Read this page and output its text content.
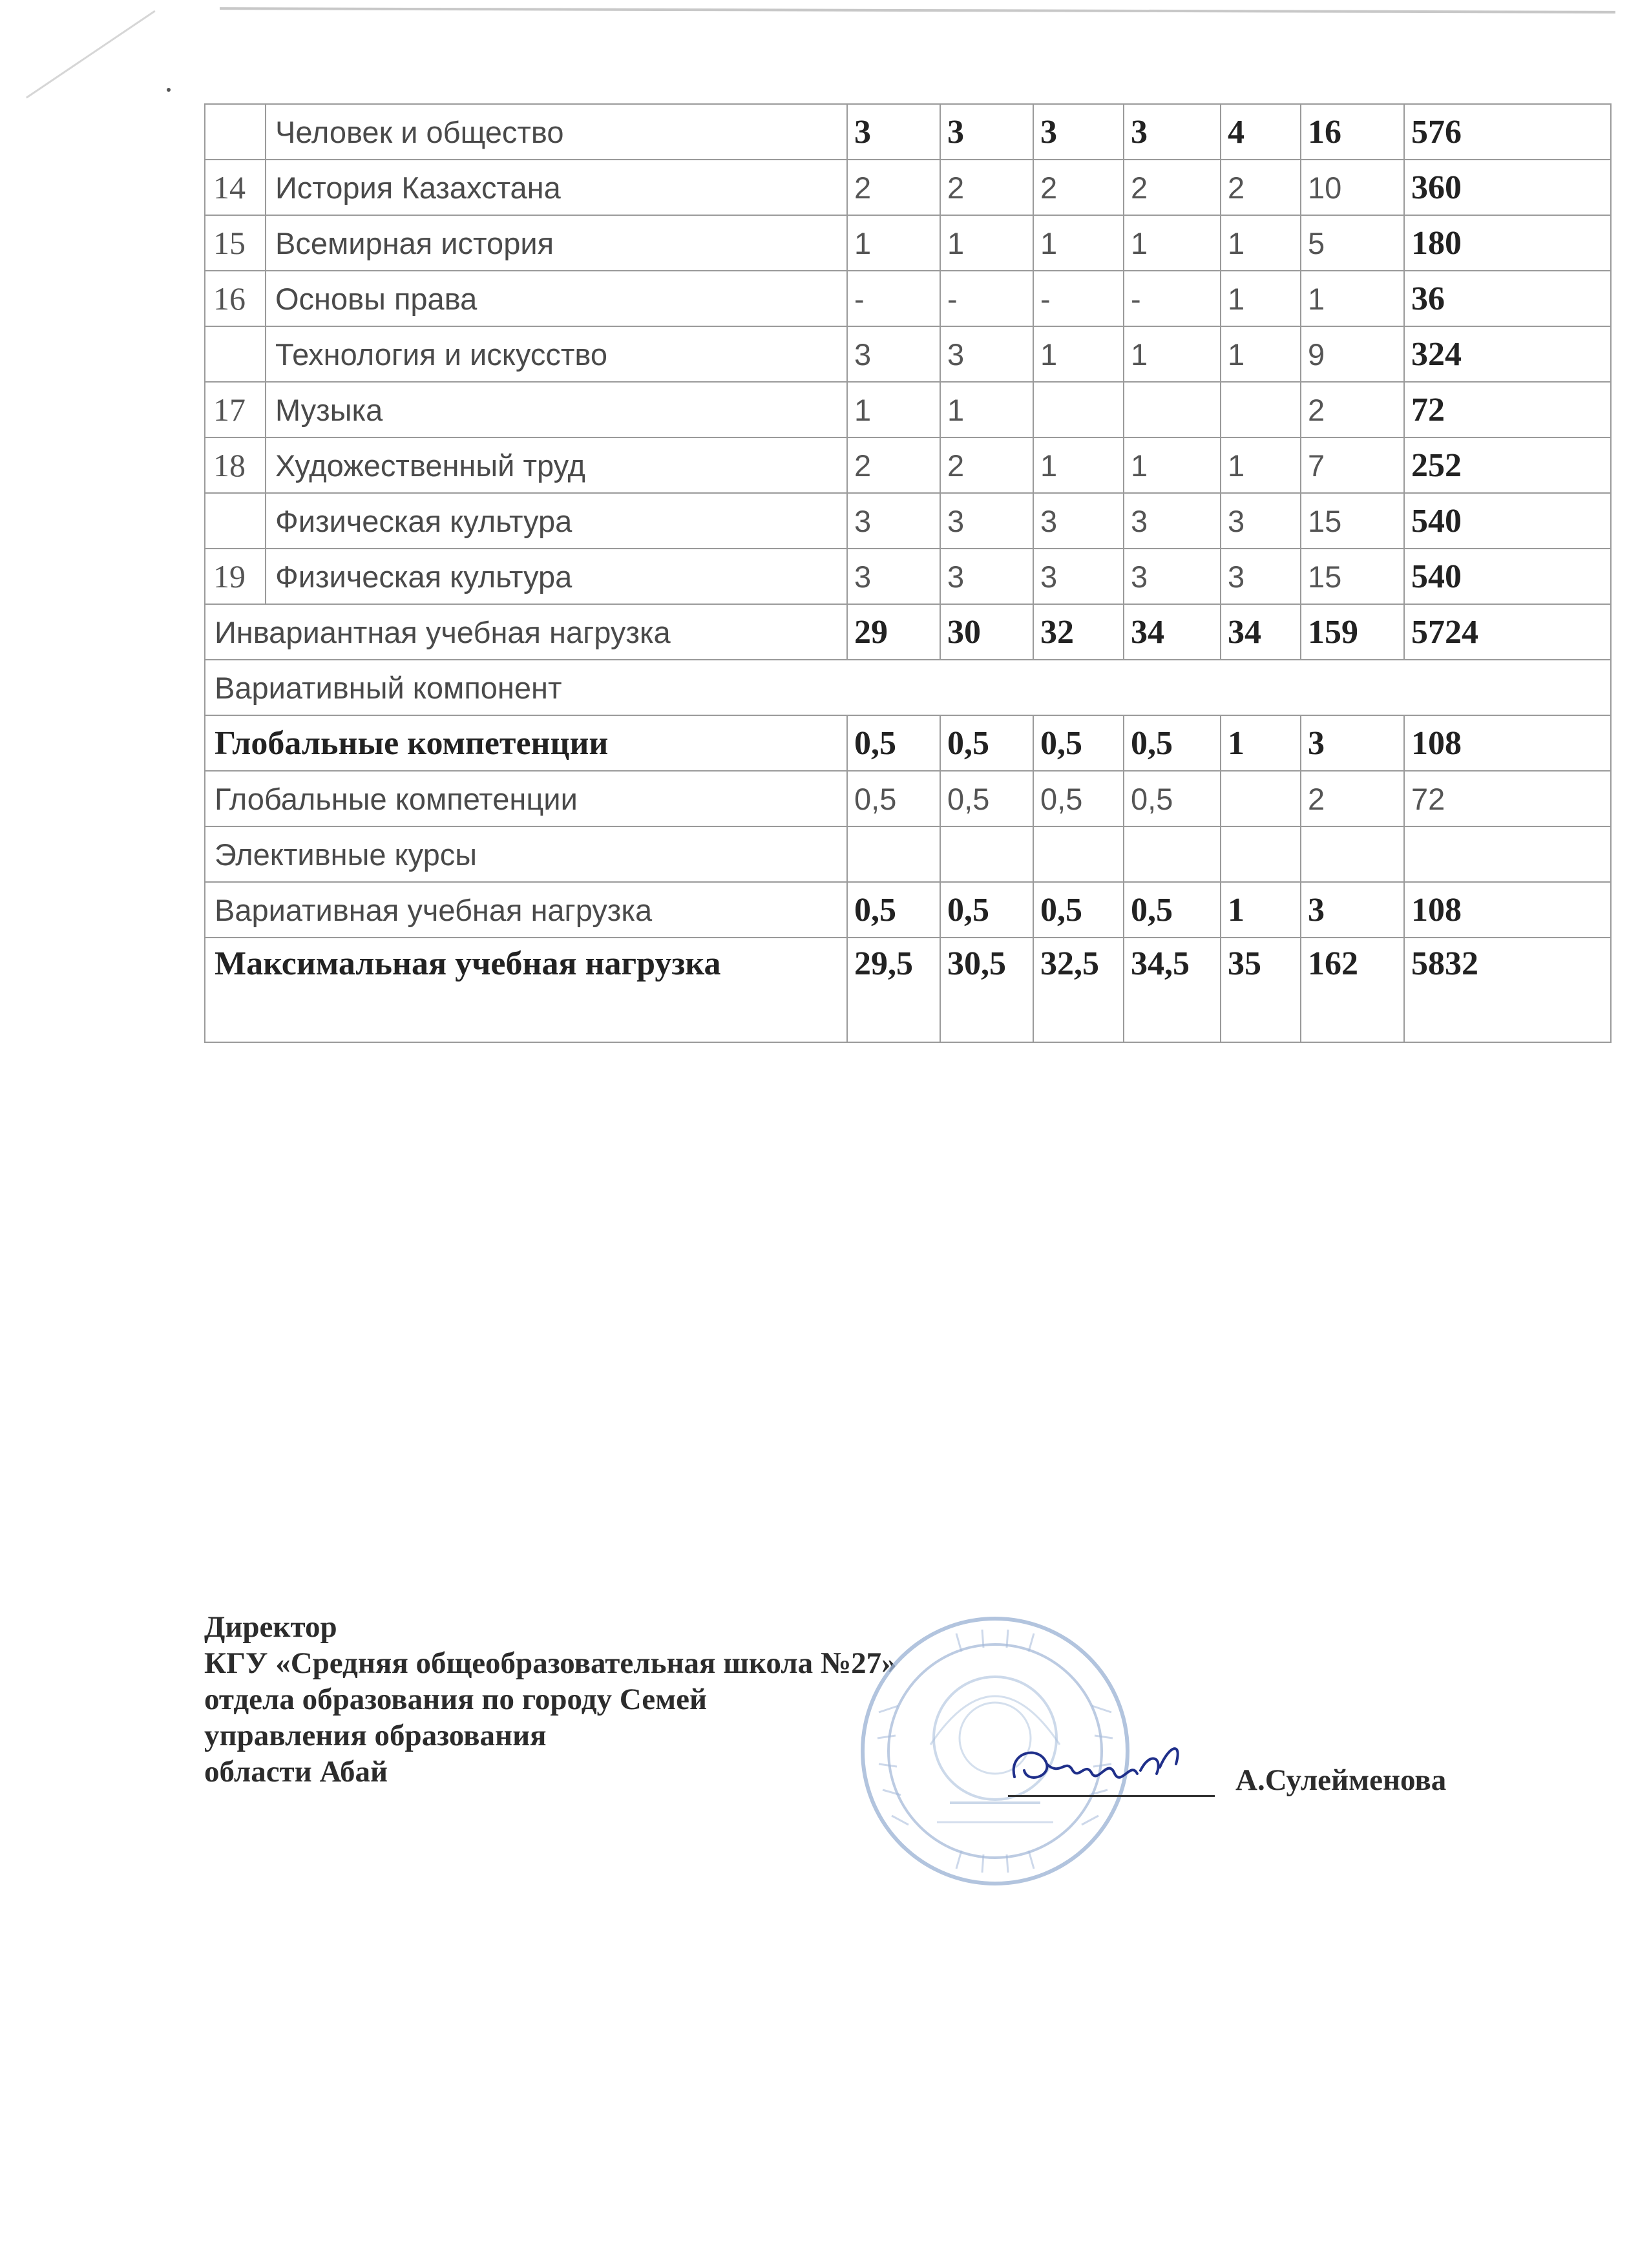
	Человек и общество	3	3	3	3	4	16	576
14	История Казахстана	2	2	2	2	2	10	360
15	Всемирная история	1	1	1	1	1	5	180
16	Основы права	-	-	-	-	1	1	36
	Технология и искусство	3	3	1	1	1	9	324
17	Музыка	1	1				2	72
18	Художественный труд	2	2	1	1	1	7	252
	Физическая культура	3	3	3	3	3	15	540
19	Физическая культура	3	3	3	3	3	15	540
Инвариантная учебная нагрузка		29	30	32	34	34	159	5724
Вариативный компонент								
Глобальные компетенции		0,5	0,5	0,5	0,5	1	3	108
Глобальные компетенции		0,5	0,5	0,5	0,5		2	72
Элективные курсы								
Вариативная учебная нагрузка		0,5	0,5	0,5	0,5	1	3	108
Максимальная учебная нагрузка		29,5	30,5	32,5	34,5	35	162	5832
Директор
КГУ «Средняя общеобразовательная школа №27»
отдела образования по городу Семей
управления образования
области Абай	А.Сулейменова
